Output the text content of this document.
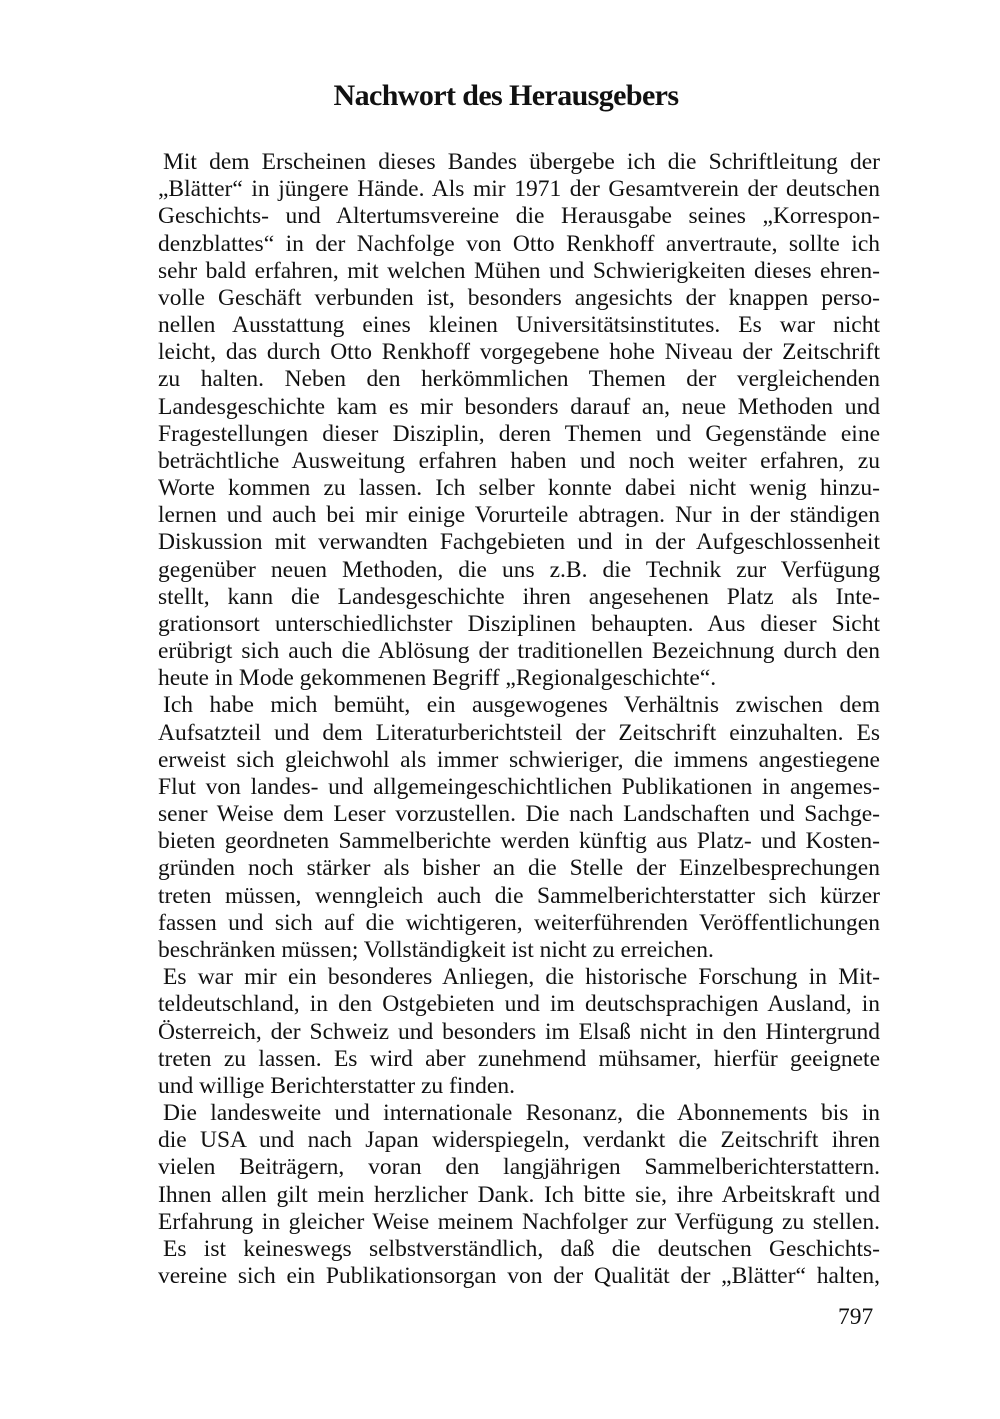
Nachwort des Herausgebers
Mit dem Erscheinen dieses Bandes übergebe ich die Schriftleitung der
„Blätter“ in jüngere Hände. Als mir 1971 der Gesamtverein der deutschen
Geschichts- und Altertumsvereine die Herausgabe seines „Korrespon-
denzblattes“ in der Nachfolge von Otto Renkhoff anvertraute, sollte ich
sehr bald erfahren, mit welchen Mühen und Schwierigkeiten dieses ehren-
volle Geschäft verbunden ist, besonders angesichts der knappen perso-
nellen Ausstattung eines kleinen Universitätsinstitutes. Es war nicht
leicht, das durch Otto Renkhoff vorgegebene hohe Niveau der Zeitschrift
zu halten. Neben den herkömmlichen Themen der vergleichenden
Landesgeschichte kam es mir besonders darauf an, neue Methoden und
Fragestellungen dieser Disziplin, deren Themen und Gegenstände eine
beträchtliche Ausweitung erfahren haben und noch weiter erfahren, zu
Worte kommen zu lassen. Ich selber konnte dabei nicht wenig hinzu-
lernen und auch bei mir einige Vorurteile abtragen. Nur in der ständigen
Diskussion mit verwandten Fachgebieten und in der Aufgeschlossenheit
gegenüber neuen Methoden, die uns z.B. die Technik zur Verfügung
stellt, kann die Landesgeschichte ihren angesehenen Platz als Inte-
grationsort unterschiedlichster Disziplinen behaupten. Aus dieser Sicht
erübrigt sich auch die Ablösung der traditionellen Bezeichnung durch den
heute in Mode gekommenen Begriff „Regionalgeschichte“.
Ich habe mich bemüht, ein ausgewogenes Verhältnis zwischen dem
Aufsatzteil und dem Literaturberichtsteil der Zeitschrift einzuhalten. Es
erweist sich gleichwohl als immer schwieriger, die immens angestiegene
Flut von landes- und allgemeingeschichtlichen Publikationen in angemes-
sener Weise dem Leser vorzustellen. Die nach Landschaften und Sachge-
bieten geordneten Sammelberichte werden künftig aus Platz- und Kosten-
gründen noch stärker als bisher an die Stelle der Einzelbesprechungen
treten müssen, wenngleich auch die Sammelberichterstatter sich kürzer
fassen und sich auf die wichtigeren, weiterführenden Veröffentlichungen
beschränken müssen; Vollständigkeit ist nicht zu erreichen.
Es war mir ein besonderes Anliegen, die historische Forschung in Mit-
teldeutschland, in den Ostgebieten und im deutschsprachigen Ausland, in
Österreich, der Schweiz und besonders im Elsaß nicht in den Hintergrund
treten zu lassen. Es wird aber zunehmend mühsamer, hierfür geeignete
und willige Berichterstatter zu finden.
Die landesweite und internationale Resonanz, die Abonnements bis in
die USA und nach Japan widerspiegeln, verdankt die Zeitschrift ihren
vielen Beiträgern, voran den langjährigen Sammelberichterstattern.
Ihnen allen gilt mein herzlicher Dank. Ich bitte sie, ihre Arbeitskraft und
Erfahrung in gleicher Weise meinem Nachfolger zur Verfügung zu stellen.
Es ist keineswegs selbstverständlich, daß die deutschen Geschichts-
vereine sich ein Publikationsorgan von der Qualität der „Blätter“ halten,
797
